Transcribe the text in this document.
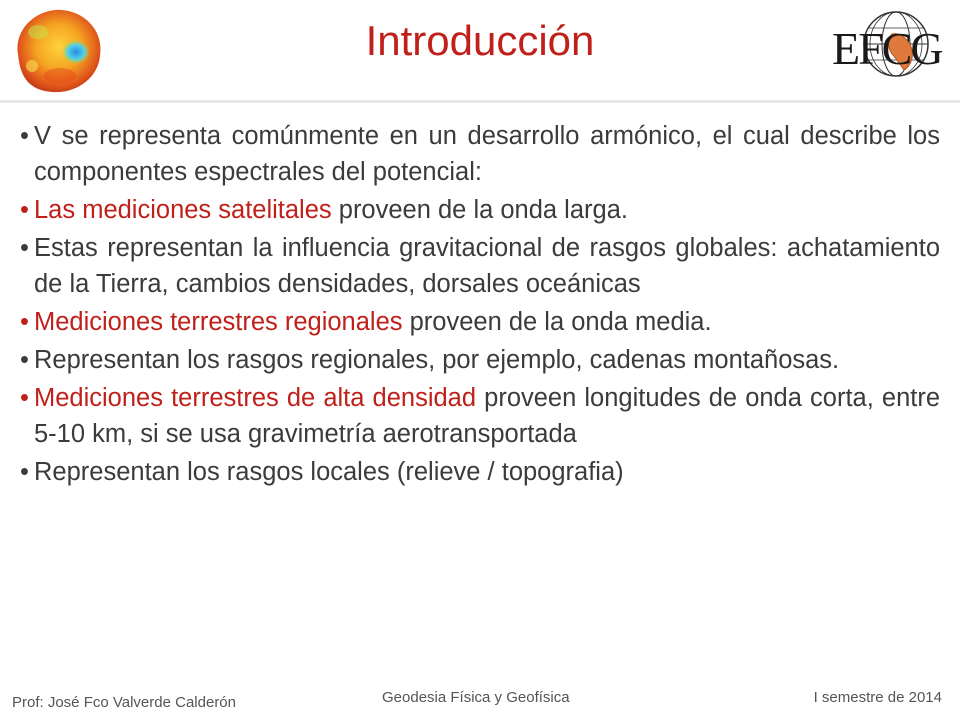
Introducción	EFCG
• V se representa comúnmente en un desarrollo armónico, el cual describe los componentes espectrales del potencial:
• Las mediciones satelitales proveen de la onda larga.
• Estas representan la influencia gravitacional de rasgos globales: achatamiento de la Tierra, cambios densidades, dorsales oceánicas
• Mediciones terrestres regionales proveen de la onda media.
• Representan los rasgos regionales, por ejemplo, cadenas montañosas.
• Mediciones terrestres de alta densidad proveen longitudes de onda corta, entre 5-10 km, si se usa gravimetría aerotransportada
• Representan los rasgos locales (relieve / topografia)
Prof: José Fco Valverde Calderón	Geodesia Física y Geofísica	I semestre de 2014
